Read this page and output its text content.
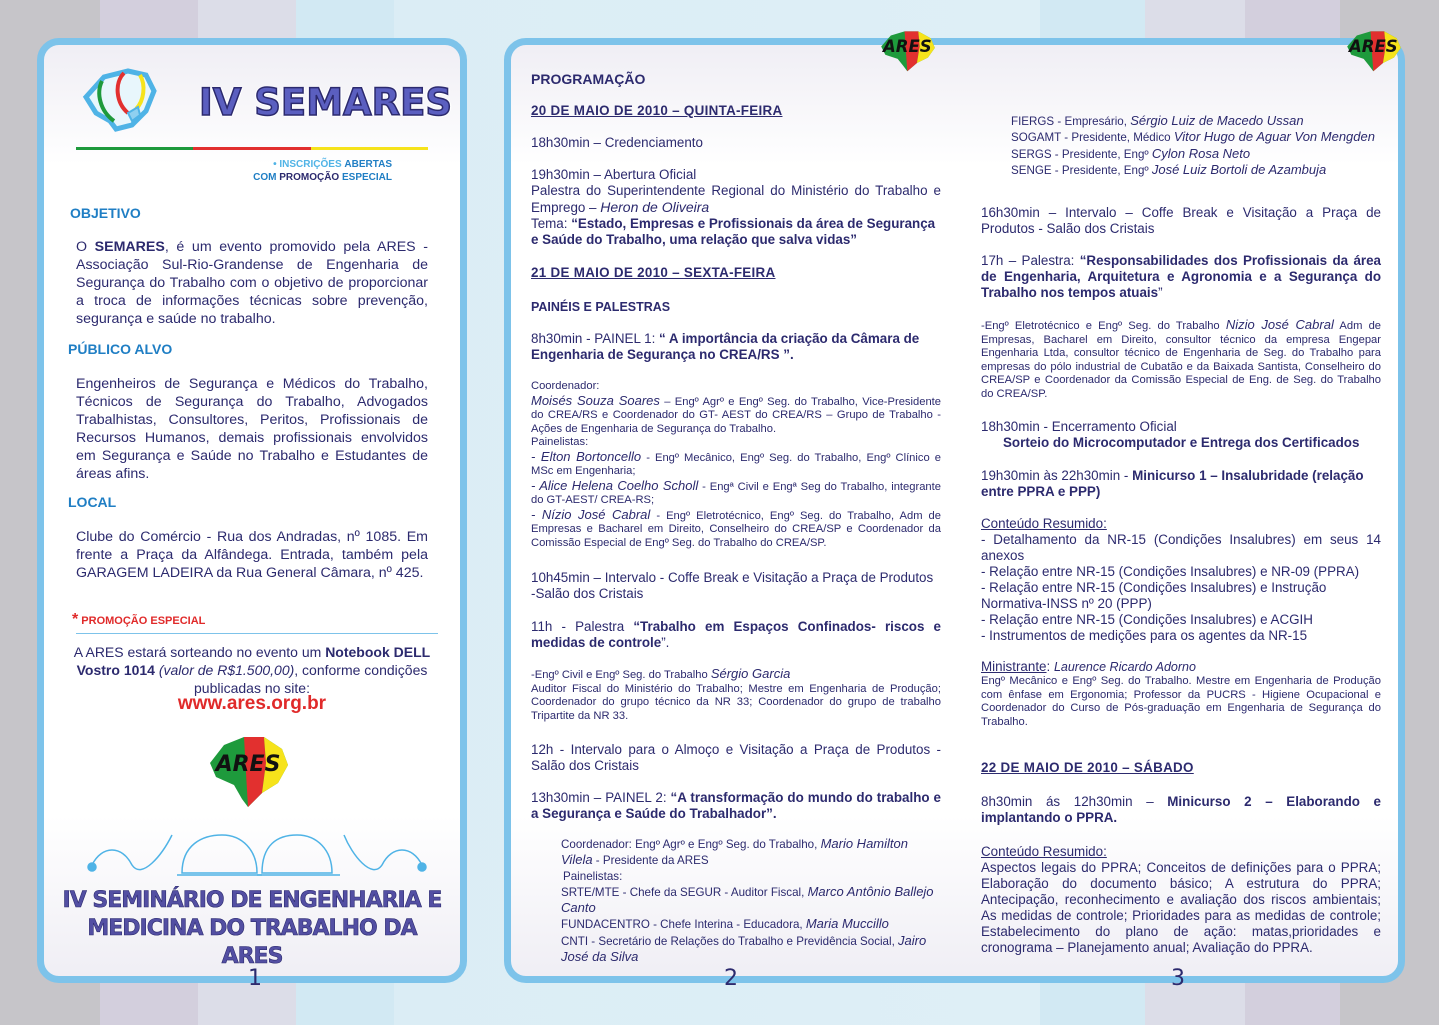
IV SEMARES
• INSCRIÇÕES ABERTAS
COM PROMOÇÃO ESPECIAL
OBJETIVO
O SEMARES, é um evento promovido pela ARES - Associação Sul-Rio-Grandense de Engenharia de Segurança do Trabalho com o objetivo de proporcionar a troca de informações técnicas sobre prevenção, segurança e saúde no trabalho.
PÚBLICO ALVO
Engenheiros de Segurança e Médicos do Trabalho, Técnicos de Segurança do Trabalho, Advogados Trabalhistas, Consultores, Peritos, Profissionais de Recursos Humanos, demais profissionais envolvidos em Segurança e Saúde no Trabalho e Estudantes de áreas afins.
LOCAL
Clube do Comércio - Rua dos Andradas, nº 1085. Em frente a Praça da Alfândega. Entrada, também pela GARAGEM LADEIRA da Rua General Câmara, nº 425.
* PROMOÇÃO ESPECIAL
A ARES estará sorteando no evento um Notebook DELL Vostro 1014 (valor de R$1.500,00), conforme condições publicadas no site:
www.ares.org.br
ARES
IV SEMINÁRIO DE ENGENHARIA E
MEDICINA DO TRABALHO DA ARES
1
PROGRAMAÇÃO
20 DE MAIO DE 2010 – QUINTA-FEIRA

18h30min – Credenciamento

19h30min – Abertura Oficial

Palestra do Superintendente Regional do Ministério do Trabalho e Emprego – Heron de Oliveira

Tema: “Estado, Empresas e Profissionais da área de Segurança e Saúde do Trabalho, uma relação que salva vidas”

21 DE MAIO DE 2010 – SEXTA-FEIRA
PAINÉIS E PALESTRAS

8h30min - PAINEL 1: “ A importância da criação da Câmara de Engenharia de Segurança no CREA/RS ”.

Coordenador:

Moisés Souza Soares – Engº Agrº e Engº Seg. do Trabalho, Vice-Presidente do CREA/RS e Coordenador do GT- AEST do CREA/RS – Grupo de Trabalho - Ações de Engenharia de Segurança do Trabalho.

Painelistas:

- Elton Bortoncello - Engº Mecânico, Engº Seg. do Trabalho, Engº Clínico e MSc em Engenharia;

- Alice Helena Coelho Scholl - Engª Civil e Engª Seg do Trabalho, integrante do GT-AEST/ CREA-RS;

- Nízio José Cabral - Engº Eletrotécnico, Engº Seg. do Trabalho, Adm de Empresas e Bacharel em Direito, Conselheiro do CREA/SP e Coordenador da Comissão Especial de Engº Seg. do Trabalho do CREA/SP.

10h45min – Intervalo - Coffe Break e Visitação a Praça de Produtos -Salão dos Cristais

11h - Palestra “Trabalho em Espaços Confinados- riscos e medidas de controle”.

-Engº Civil e Engº Seg. do Trabalho Sérgio Garcia

Auditor Fiscal do Ministério do Trabalho; Mestre em Engenharia de Produção; Coordenador do grupo técnico da NR 33; Coordenador do grupo de trabalho Tripartite da NR 33.

12h - Intervalo para o Almoço e Visitação a Praça de Produtos - Salão dos Cristais

13h30min – PAINEL 2: “A transformação do mundo do trabalho e a Segurança e Saúde do Trabalhador”.

Coordenador: Engº Agrº e Engº Seg. do Trabalho, Mario Hamilton Vilela - Presidente da ARES

Painelistas:

SRTE/MTE - Chefe da SEGUR - Auditor Fiscal, Marco Antônio Ballejo Canto

FUNDACENTRO - Chefe Interina - Educadora, Maria Muccillo

CNTI - Secretário de Relações do Trabalho e Previdência Social, Jairo José da Silva

FIERGS - Empresário, Sérgio Luiz de Macedo Ussan

SOGAMT - Presidente, Médico Vitor Hugo de Aguar Von Mengden

SERGS - Presidente, Engº Cylon Rosa Neto

SENGE - Presidente, Engº José Luiz Bortoli de Azambuja

16h30min – Intervalo – Coffe Break e Visitação a Praça de Produtos - Salão dos Cristais

17h – Palestra: “Responsabilidades dos Profissionais da área de Engenharia, Arquitetura e Agronomia e a Segurança do Trabalho nos tempos atuais”

-Engº Eletrotécnico e Engº Seg. do Trabalho Nizio José Cabral Adm de Empresas, Bacharel em Direito, consultor técnico da empresa Engepar Engenharia Ltda, consultor técnico de Engenharia de Seg. do Trabalho para empresas do pólo industrial de Cubatão e da Baixada Santista, Conselheiro do CREA/SP e Coordenador da Comissão Especial de Eng. de Seg. do Trabalho do CREA/SP.

18h30min - Encerramento Oficial

Sorteio do Microcomputador e Entrega dos Certificados

19h30min às 22h30min - Minicurso 1 – Insalubridade (relação entre PPRA e PPP)

Conteúdo Resumido:

- Detalhamento da NR-15 (Condições Insalubres) em seus 14 anexos

- Relação entre NR-15 (Condições Insalubres) e NR-09 (PPRA)

- Relação entre NR-15 (Condições Insalubres) e Instrução Normativa-INSS nº 20 (PPP)

- Relação entre NR-15 (Condições Insalubres) e ACGIH

- Instrumentos de medições para os agentes da NR-15

Ministrante: Laurence Ricardo Adorno

Engº Mecânico e Engº Seg. do Trabalho. Mestre em Engenharia de Produção com ênfase em Ergonomia; Professor da PUCRS - Higiene Ocupacional e Coordenador do Curso de Pós-graduação em Engenharia de Segurança do Trabalho.

22 DE MAIO DE 2010 – SÁBADO

8h30min ás 12h30min – Minicurso 2 – Elaborando e implantando o PPRA.

Conteúdo Resumido:

Aspectos legais do PPRA; Conceitos de definições para o PPRA; Elaboração do documento básico; A estrutura do PPRA; Antecipação, reconhecimento e avaliação dos riscos ambientais; As medidas de controle; Prioridades para as medidas de controle; Estabelecimento do plano de ação: matas,prioridades e cronograma – Planejamento anual; Avaliação do PPRA.

ARES	ARES
2	3
